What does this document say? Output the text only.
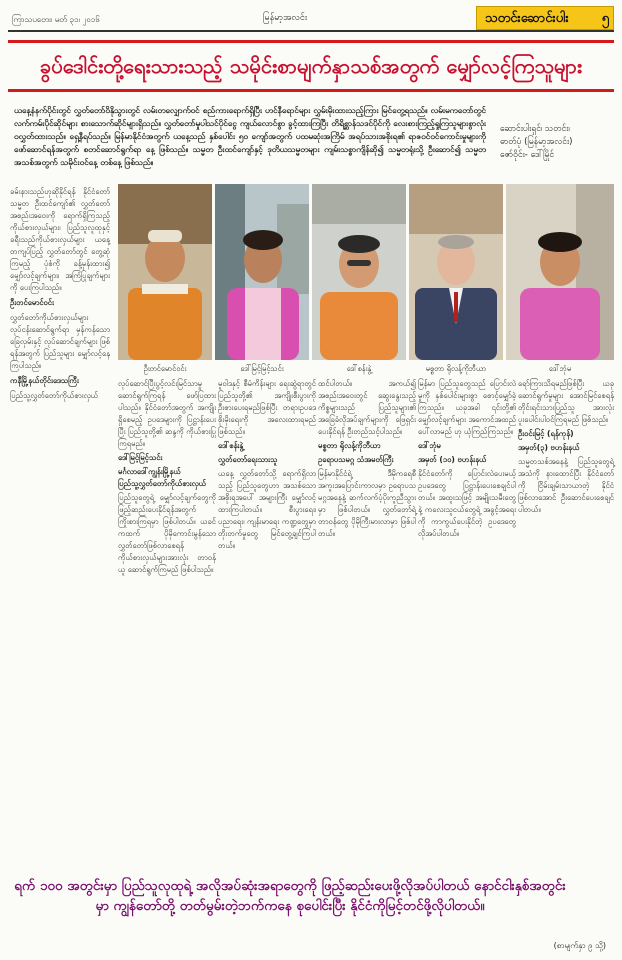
ကြာသပတေး၊ မတ် ၃၁၊ ၂၀၁၆	မြန်မာ့အလင်း	သတင်းဆောင်းပါး	၅
ခွပ်ဒေါင်းတို့ရေးသားသည့် သမိုင်းစာမျက်နှာသစ်အတွက် မျှော်လင့်ကြသူများ

ယနေ့နံနက်ပိုင်းတွင် လွှတ်တော်ဝိနိုသွားတွင် လမ်းတလျှောက်ဝင် စည်ကားရောက်ရှိပြီး ဟင်နီရောင်များ လွှမ်းမိုးထားသည့်ကြား မြင်တွေ့ရသည်။ လမ်းမကတော်တွင် လက်ကမ်းပိုင်ဆိုင်များ စားသောက်ဆိုင်များရှိသည်။ လွှတ်တော်မှုပါသင်ပိုင်ငွေ ကျယ်လောင်စွာ ခွင့်ထားကြပြီး တိရိစ္ဆာန်သဒင်ပိုင်ကို လေးစားကြည့်ရှုကြသူများစွာလုံးဝလွှတ်ထားသည်။ ရှေ့နီရပ်သည်။ မြန်မာနိုင်ငံအတွက် ယနေ့သည် နှစ်ပေါင်း ၅၀ ကျော်အတွက် ပထမဆုံးအကြိမ် အရပ်သားအစိုးရ၏ ရာဇဝင်ဝင်ကောင်းမှုများကို ဖော်ဆောင်ရန်အတွက် စတင်ဆောင်ရွက်ရာ နေ့ ဖြစ်သည်။ သမ္မတ ဦးထင်ကျော်နှင့် ဒုတိယသမ္မတများ ကျမ်းသစ္စာကျိန်ဆို၍ သမ္မတရုံးသို့ ဦးဆောင်၍ သမ္မတအသစ်အတွက် သမိုင်းဝင်နေ့ တစ်နေ့ ဖြစ်သည်။

ဆောင်းပါးရှင်၊ သတင်း၊
ဓာတ်ပုံ (မြန်မာ့အလင်း)
ဇော်ဝိုင်း- ဒေါ်မြိုင်
ခမ်းနားသည်ဟုဆိုနိုင်ရန် နိုင်ငံတော်သမ္မတ ဦးထင်ကျော်၏ လွှတ်တော်အစည်းအဝေးကို ရောက်ရှိကြသည့် ကိုယ်စားလှယ်များ၊ ပြည်သူလူထုနှင့် ခရီးသည်ကိုယ်စားလှယ်များ ယနေ့ တကျပ်ပြည့် လွှတ်တော်တွင် တွေ့ဆုံကြမည့် ပုံစံကို ခန့်မှန်းထား၍ မျှော်လင့်ချက်များ၊ အကြံပြုချက်များကို ပေးကြပါသည်။
ဦးတင်မောင်ဝင်း
လွှတ်တော်ကိုယ်စားလှယ်များ လုပ်ငန်းဆောင်ရွက်ရာ မှန်ကန်သော ခြေလှမ်းနှင့် လုပ်ဆောင်ချက်များ ဖြစ်ရန်အတွက် ပြည်သူများ မျှော်လင့်နေကြပါသည်။
ကနီမြို့နယ်တိုင်းဒေသကြီး
ပြည်သူ့လွှတ်တော်ကိုယ်စားလှယ်
ဦးတင်မောင်ဝင်း	ဒေါ်မြင့်မြင့်သင်း	ဒေါ်စန်းနွဲ့	မစ္စတာ ရိုလန့်ကိုဘီယာ	ဒေါ်ဘုံမ
လုပ်ဆောင်ပြီးပွင့်လင်းမြင်သာမှု ဆောင်ရွက်ကြရန် ဖော်ပြထားပါသည်။ နိုင်ငံတော်အတွက် အကျိုးရှိစေမည့် ဥပဒေများကို ပြဋ္ဌာန်းပေးပြီး ပြည်သူတို့၏ ဆန္ဒကို ကိုယ်စားပြုကြရမည်။
ဒေါ်မြင့်မြင့်သင်း
မင်္ဂလာဒေါ်ကျွန်းမြို့နယ် ပြည်သူ့လွှတ်တော်ကိုယ်စားလှယ်
ပြည်သူတွေရဲ့ မျှော်လင့်ချက်တွေကို ဖြည့်ဆည်းပေးနိုင်ရန်အတွက် ကြိုးစားကြရမှာ ဖြစ်ပါတယ်။ ယခင်ကထက် ပိုမိုကောင်းမွန်သော လွှတ်တော်ဖြစ်လာစေရန် ကိုယ်စားလှယ်များအားလုံး တာဝန်ယူ ဆောင်ရွက်ကြမည် ဖြစ်ပါသည်။
မူဝါဒနှင့် စီမံကိန်းများ ရေးဆွဲရာတွင် ပြည်သူတို့၏ အကျိုးစီးပွားကို ဦးစားပေးရမည်ဖြစ်ပြီး တရားဥပဒေစိုးမိုးရေးကို အလေးထားရမည် ဖြစ်သည်။
ဒေါ်စန်းနွဲ့
လွှတ်တော်ရေးသားသူ
ယနေ့ လွှတ်တော်သို့ ရောက်ရှိလာသည့် ပြည်သူတွေဟာ အသစ်သော အစိုးရအပေါ် အများကြီး မျှော်လင့်ထားကြပါတယ်။ စီးပွားရေး၊ ပညာရေး၊ ကျန်းမာရေး ကဏ္ဍတွေမှာ တိုးတက်မှုတွေ မြင်တွေ့ချင်ကြပါတယ်။
ထင်ပါတယ်။ အကယ်၍ အစည်းအဝေးတွင် ဆွေးနွေးသည့်ကိစ္စများသည် ပြည်သူများ၏ အခြေခံလိုအပ်ချက်များကို ဖြေရှင်းပေးနိုင်ရန် ဦးတည်သင့်ပါသည်။
မစ္စတာ ရိုလန့်ကိုဘီယာ
ဥရောပသမဂ္ဂ သံအမတ်ကြီး
မြန်မာနိုင်ငံရဲ့ ဒီမိုကရေစီ အကူးအပြောင်းကာလမှာ ဥရောပသမဂ္ဂအနေနဲ့ ဆက်လက်ပံ့ပိုးကူညီသွားမှာ ဖြစ်ပါတယ်။ လွှတ်တော်ရဲ့ တာဝန်တွေ ပိုမိုကြီးမားလာမှာ ဖြစ်ပါတယ်။
မြန်မာ ပြည်သူတွေသည် ပြောင်းလဲမှုကို နှစ်ပေါင်းများစွာ စောင့်မျှော်ခဲ့ကြသည်။ ယခုအခါ ၎င်းတို့၏ မျှော်လင့်ချက်များ အကောင်အထည်ပေါ်လာမည် ဟု ယုံကြည်ကြသည်။
ဒေါ်ဘုံမ
အမှတ် (၁၀) ဗဟန်းနယ်
နိုင်ငံတော်ကို ပြောင်းလဲပေးမယ့် ဥပဒေတွေ ပြဋ္ဌာန်းပေးစေချင်ပါတယ်။ အထူးသဖြင့် အမျိုးသမီးတွေနဲ့ ကလေးသူငယ်တွေရဲ့ အခွင့်အရေးကို ကာကွယ်ပေးနိုင်တဲ့ ဥပဒေတွေ လိုအပ်ပါတယ်။
ရော်ကြားသိရမည်ဖြစ်ပြီး ယခုဆောင်ရွက်မှုများ အောင်မြင်စေရန် တိုင်းရင်းသားပြည်သူ အားလုံး ပူးပေါင်းပါဝင်ကြရမည် ဖြစ်သည်။
ဦးဝင်းမြင့် (ရန်ကုန်)
အမှတ်(၃) ဗဟန်းနယ်
သမ္မတသစ်အနေနဲ့ ပြည်သူတွေရဲ့ အသံကို နားထောင်ပြီး နိုင်ငံတော်ကို ငြိမ်းချမ်းသာယာတဲ့ နိုင်ငံ ဖြစ်လာအောင် ဦးဆောင်ပေးစေချင်ပါတယ်။

ရက် ၁၀၀ အတွင်းမှာ ပြည်သူလုထုရဲ့ အလိုအပ်ဆုံးအရာတွေကို ဖြည့်ဆည်းပေးဖို့လိုအပ်ပါတယ် နောင်ငါးနှစ်အတွင်းမှာ ကျွန်တော်တို့ တတ်မွမ်းတဲ့ဘက်ကနေ စုပေါင်းပြီး နိုင်ငံကိုမြင့်တင်ဖို့လိုပါတယ်။

(စာမျက်နှာ ၉ သို့)
